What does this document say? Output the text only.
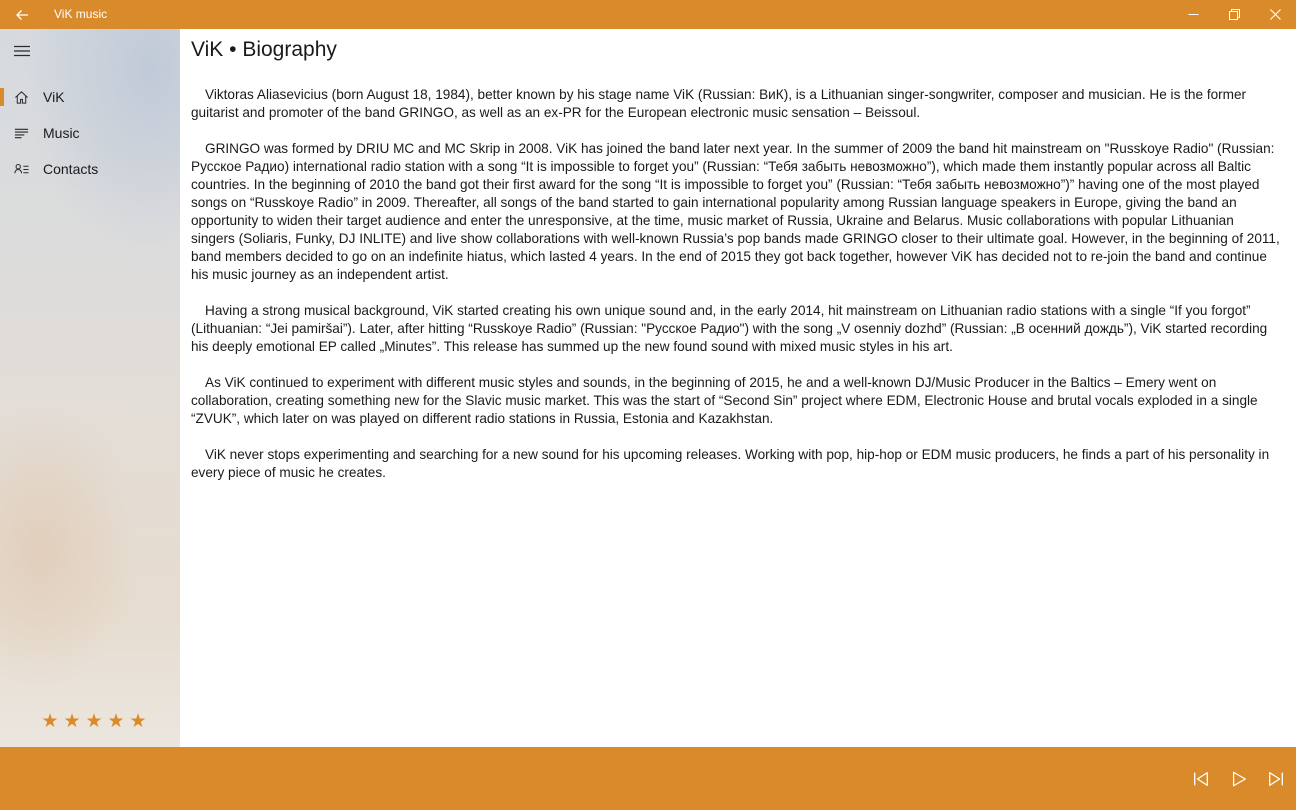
ViK music
ViK
Music
Contacts
★ ★ ★ ★ ★
ViK • Biography

Viktoras Aliasevicius (born August 18, 1984), better known by his stage name ViK (Russian: ВиК), is a Lithuanian singer-songwriter, composer and musician. He is the former guitarist and promoter of the band GRINGO, as well as an ex-PR for the European electronic music sensation – Beissoul.

GRINGO was formed by DRIU MC and MC Skrip in 2008. ViK has joined the band later next year. In the summer of 2009 the band hit mainstream on "Russkoye Radio" (Russian: Русское Радио) international radio station with a song “It is impossible to forget you” (Russian: “Тебя забыть невозможно”), which made them instantly popular across all Baltic countries. In the beginning of 2010 the band got their first award for the song “It is impossible to forget you” (Russian: “Тебя забыть невозможно”)” having one of the most played songs on “Russkoye Radio” in 2009. Thereafter, all songs of the band started to gain international popularity among Russian language speakers in Europe, giving the band an opportunity to widen their target audience and enter the unresponsive, at the time, music market of Russia, Ukraine and Belarus. Music collaborations with popular Lithuanian singers (Soliaris, Funky, DJ INLITE) and live show collaborations with well-known Russia’s pop bands made GRINGO closer to their ultimate goal. However, in the beginning of 2011, band members decided to go on an indefinite hiatus, which lasted 4 years. In the end of 2015 they got back together, however ViK has decided not to re-join the band and continue his music journey as an independent artist.

Having a strong musical background, ViK started creating his own unique sound and, in the early 2014, hit mainstream on Lithuanian radio stations with a single “If you forgot” (Lithuanian: “Jei pamiršai”). Later, after hitting “Russkoye Radio” (Russian: "Русское Радио") with the song „V osenniy dozhd” (Russian: „В осенний дождь”), ViK started recording his deeply emotional EP called „Minutes”. This release has summed up the new found sound with mixed music styles in his art.

As ViK continued to experiment with different music styles and sounds, in the beginning of 2015, he and a well-known DJ/Music Producer in the Baltics – Emery went on collaboration, creating something new for the Slavic music market. This was the start of “Second Sin” project where EDM, Electronic House and brutal vocals exploded in a single “ZVUK”, which later on was played on different radio stations in Russia, Estonia and Kazakhstan.

ViK never stops experimenting and searching for a new sound for his upcoming releases. Working with pop, hip-hop or EDM music producers, he finds a part of his personality in every piece of music he creates.
